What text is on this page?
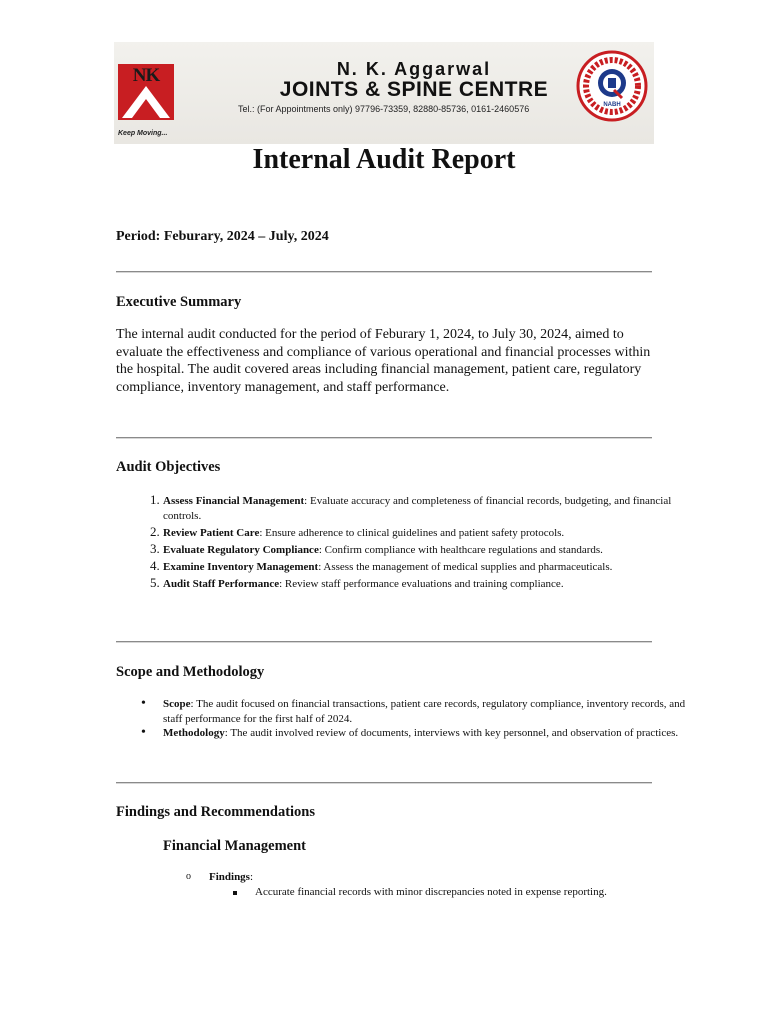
NK
Keep Moving...
N. K. Aggarwal
JOINTS & SPINE CENTRE
Tel.: (For Appointments only) 97796-73359, 82880-85736, 0161-2460576	NABH
Internal Audit Report
Period: Feburary, 2024 – July, 2024
Executive Summary
The internal audit conducted for the period of Feburary 1, 2024, to July 30, 2024, aimed to evaluate the effectiveness and compliance of various operational and financial processes within the hospital. The audit covered areas including financial management, patient care, regulatory compliance, inventory management, and staff performance.
Audit Objectives
1. Assess Financial Management: Evaluate accuracy and completeness of financial records, budgeting, and financial controls.
2. Review Patient Care: Ensure adherence to clinical guidelines and patient safety protocols.
3. Evaluate Regulatory Compliance: Confirm compliance with healthcare regulations and standards.
4. Examine Inventory Management: Assess the management of medical supplies and pharmaceuticals.
5. Audit Staff Performance: Review staff performance evaluations and training compliance.
Scope and Methodology
• Scope: The audit focused on financial transactions, patient care records, regulatory compliance, inventory records, and staff performance for the first half of 2024.
• Methodology: The audit involved review of documents, interviews with key personnel, and observation of practices.
Findings and Recommendations
Financial Management
o Findings:
Accurate financial records with minor discrepancies noted in expense reporting.
